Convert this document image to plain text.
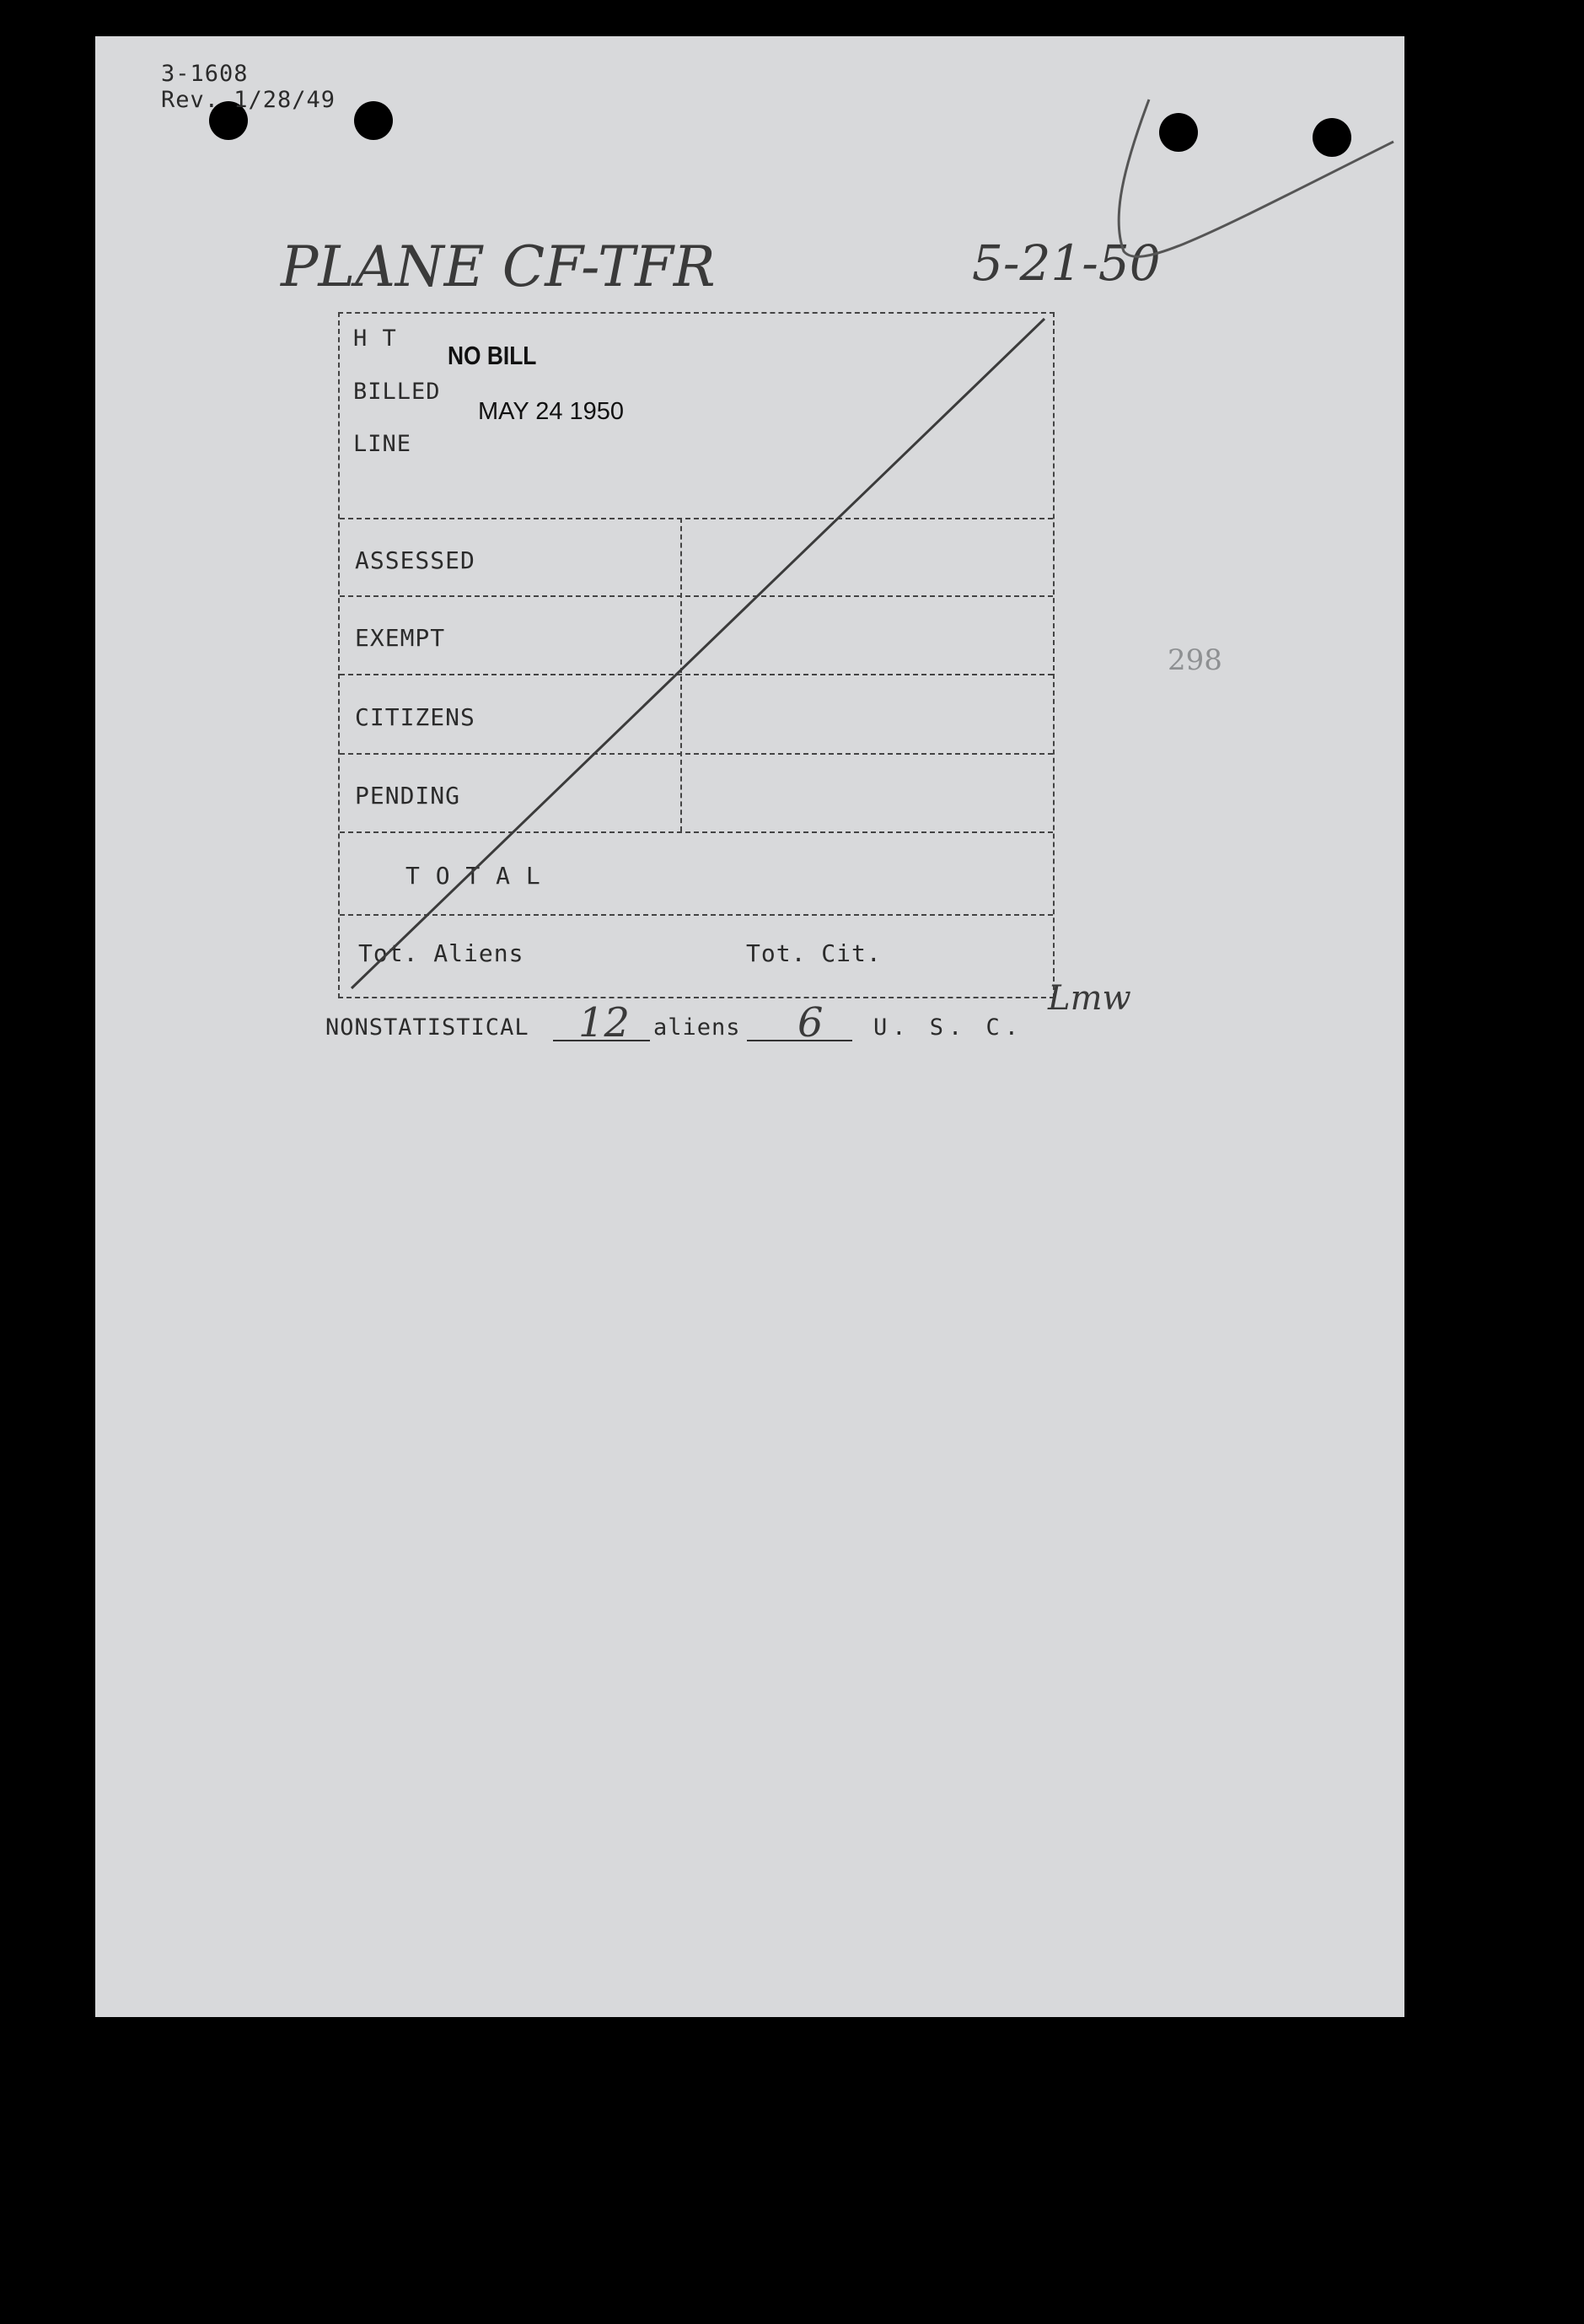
3-1608
Rev. 1/28/49
PLANE CF-TFR	5-21-50
298
H T
BILLED
LINE
NO BILL
MAY 24 1950
ASSESSED
EXEMPT
CITIZENS
PENDING
T O T A L
Tot. Aliens	Tot. Cit.
Lmw
NONSTATISTICAL 12 aliens 6 U. S. C.
